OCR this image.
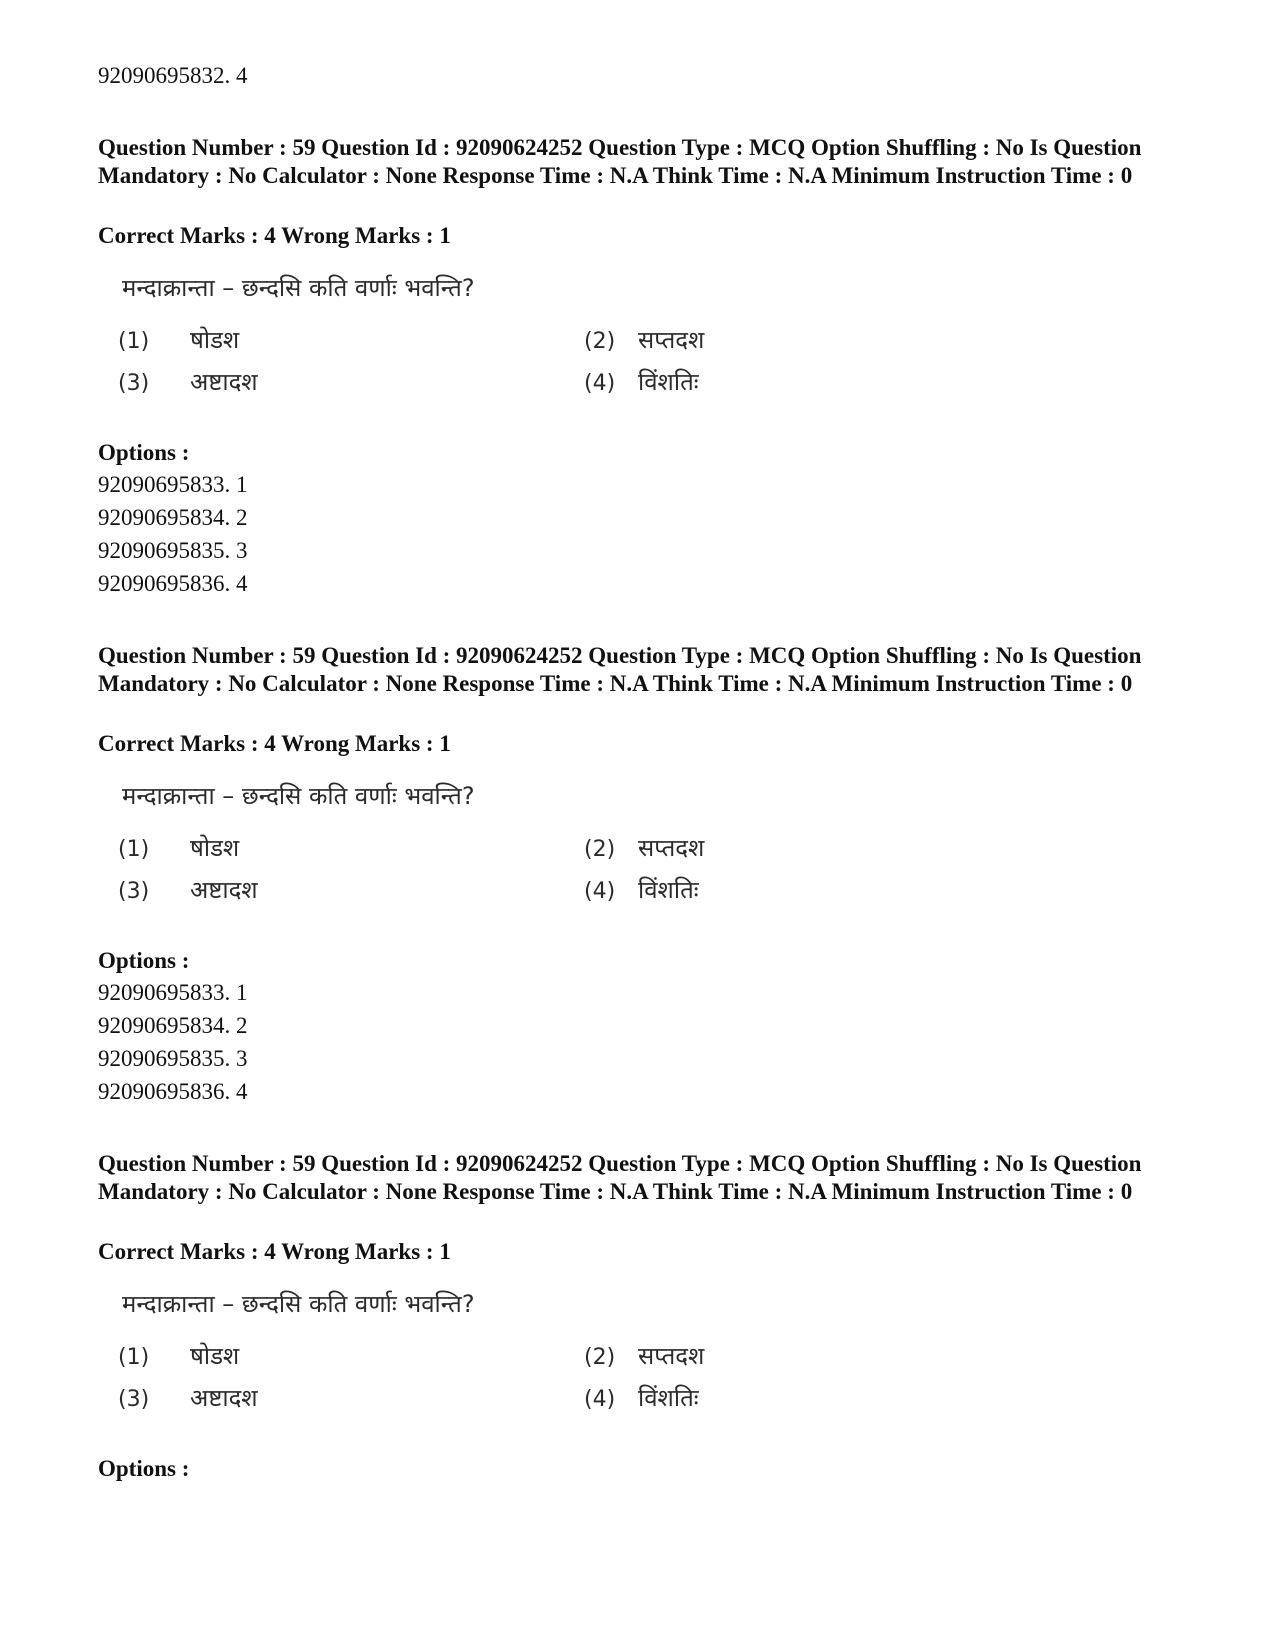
92090695832. 4
Question Number : 59 Question Id : 92090624252 Question Type : MCQ Option Shuffling : No Is Question Mandatory : No Calculator : None Response Time : N.A Think Time : N.A Minimum Instruction Time : 0
Correct Marks : 4 Wrong Marks : 1
मन्दाक्रान्ता – छन्दसि कति वर्णाः भवन्ति?
(1) षोडश	(2) सप्तदश
(3) अष्टादश	(4) विंशतिः
Options :
92090695833. 1
92090695834. 2
92090695835. 3
92090695836. 4
Question Number : 59 Question Id : 92090624252 Question Type : MCQ Option Shuffling : No Is Question Mandatory : No Calculator : None Response Time : N.A Think Time : N.A Minimum Instruction Time : 0
Correct Marks : 4 Wrong Marks : 1
मन्दाक्रान्ता – छन्दसि कति वर्णाः भवन्ति?
(1) षोडश	(2) सप्तदश
(3) अष्टादश	(4) विंशतिः
Options :
92090695833. 1
92090695834. 2
92090695835. 3
92090695836. 4
Question Number : 59 Question Id : 92090624252 Question Type : MCQ Option Shuffling : No Is Question Mandatory : No Calculator : None Response Time : N.A Think Time : N.A Minimum Instruction Time : 0
Correct Marks : 4 Wrong Marks : 1
मन्दाक्रान्ता – छन्दसि कति वर्णाः भवन्ति?
(1) षोडश	(2) सप्तदश
(3) अष्टादश	(4) विंशतिः
Options :
